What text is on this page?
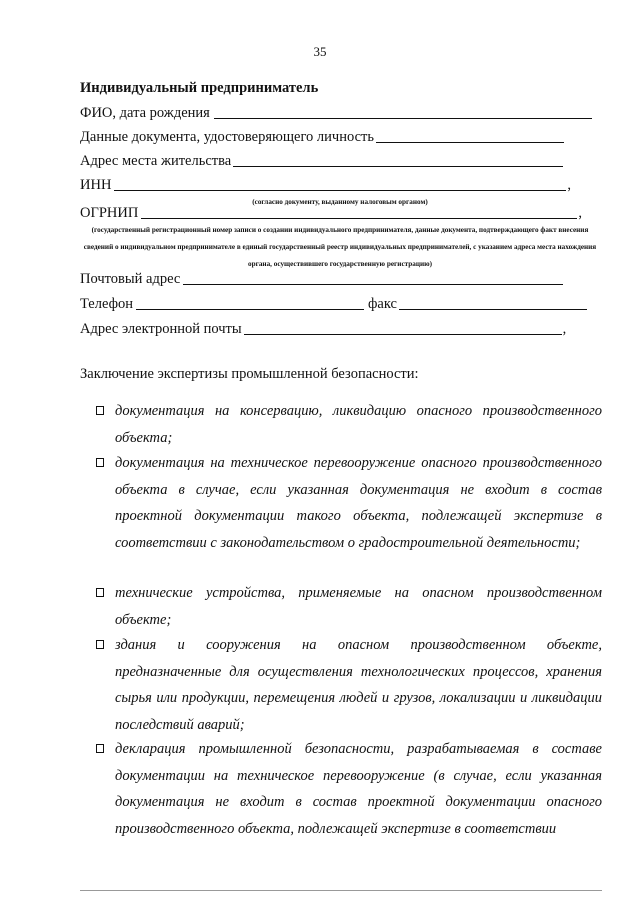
35
Индивидуальный предприниматель
ФИО, дата рождения
Данные документа, удостоверяющего личность
Адрес места жительства
ИНН	,
(согласно документу, выданному налоговым органом)
ОГРНИП	,
(государственный регистрационный номер записи о создании индивидуального предпринимателя, данные документа, подтверждающего факт внесения сведений о индивидуальном предпринимателе в единый государственный реестр индивидуальных предпринимателей, с указанием адреса места нахождения органа, осуществившего государственную регистрацию)
Почтовый адрес
Телефон	факс
Адрес электронной почты	,
Заключение экспертизы промышленной безопасности:
документация на консервацию, ликвидацию опасного производственного объекта;
документация на техническое перевооружение опасного производственного объекта в случае, если указанная документация не входит в состав проектной документации такого объекта, подлежащей экспертизе в соответствии с законодательством о градостроительной деятельности;
технические устройства, применяемые на опасном производственном объекте;
здания и сооружения на опасном производственном объекте, предназначенные для осуществления технологических процессов, хранения сырья или продукции, перемещения людей и грузов, локализации и ликвидации последствий аварий;
декларация промышленной безопасности, разрабатываемая в составе документации на техническое перевооружение (в случае, если указанная документация не входит в состав проектной документации опасного производственного объекта, подлежащей экспертизе в соответствии
